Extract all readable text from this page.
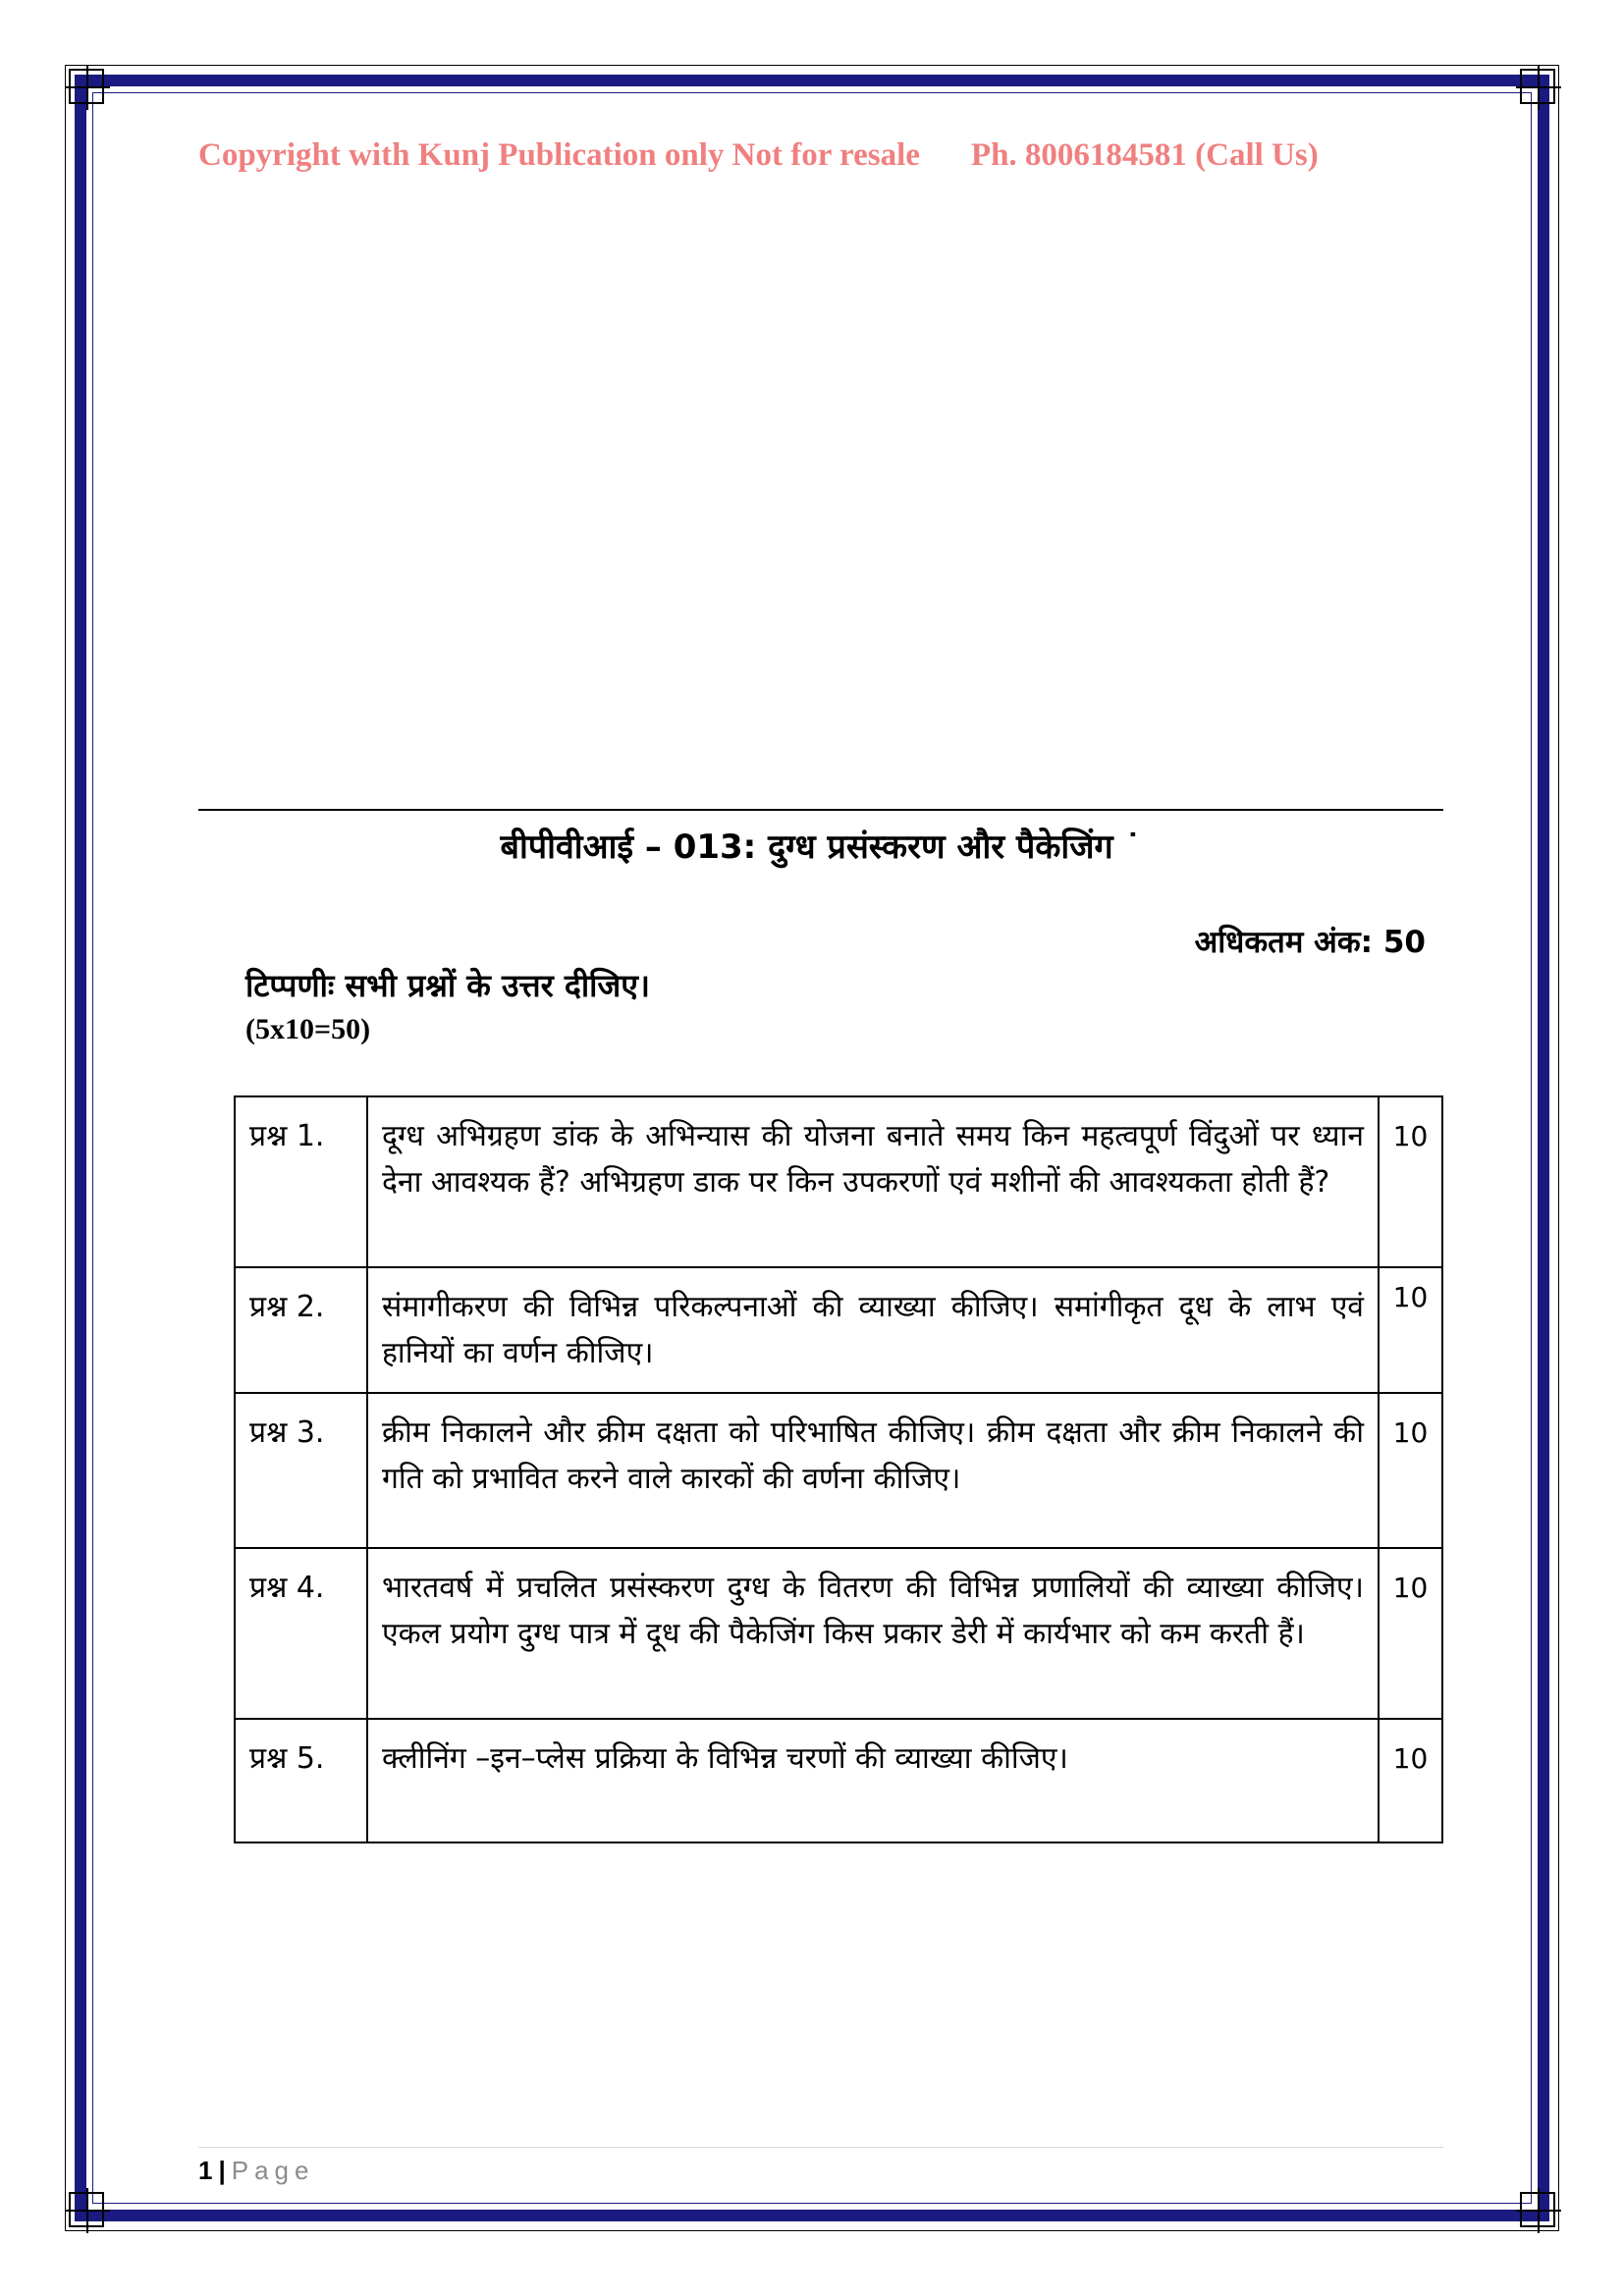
Copyright with Kunj Publication only Not for resale Ph. 8006184581 (Call Us)
बीपीवीआई – 013: दुग्ध प्रसंस्करण और पैकेजिंग ˙
अधिकतम अंक: 50
टिप्पणीः सभी प्रश्नों के उत्तर दीजिए।
(5x10=50)
प्रश्न 1.	दूग्ध अभिग्रहण डांक के अभिन्यास की योजना बनाते समय किन महत्वपूर्ण विंदुओं पर ध्यान देना आवश्यक हैं? अभिग्रहण डाक पर किन उपकरणों एवं मशीनों की आवश्यकता होती हैं?	10
प्रश्न 2.	संमागीकरण की विभिन्न परिकल्पनाओं की व्याख्या कीजिए। समांगीकृत दूध के लाभ एवं हानियों का वर्णन कीजिए।	10
प्रश्न 3.	क्रीम निकालने और क्रीम दक्षता को परिभाषित कीजिए। क्रीम दक्षता और क्रीम निकालने की गति को प्रभावित करने वाले कारकों की वर्णना कीजिए।	10
प्रश्न 4.	भारतवर्ष में प्रचलित प्रसंस्करण दुग्ध के वितरण की विभिन्न प्रणालियों की व्याख्या कीजिए। एकल प्रयोग दुग्ध पात्र में दूध की पैकेजिंग किस प्रकार डेरी में कार्यभार को कम करती हैं।	10
प्रश्न 5.	क्लीनिंग –इन–प्लेस प्रक्रिया के विभिन्न चरणों की व्याख्या कीजिए।	10
1 | Page
